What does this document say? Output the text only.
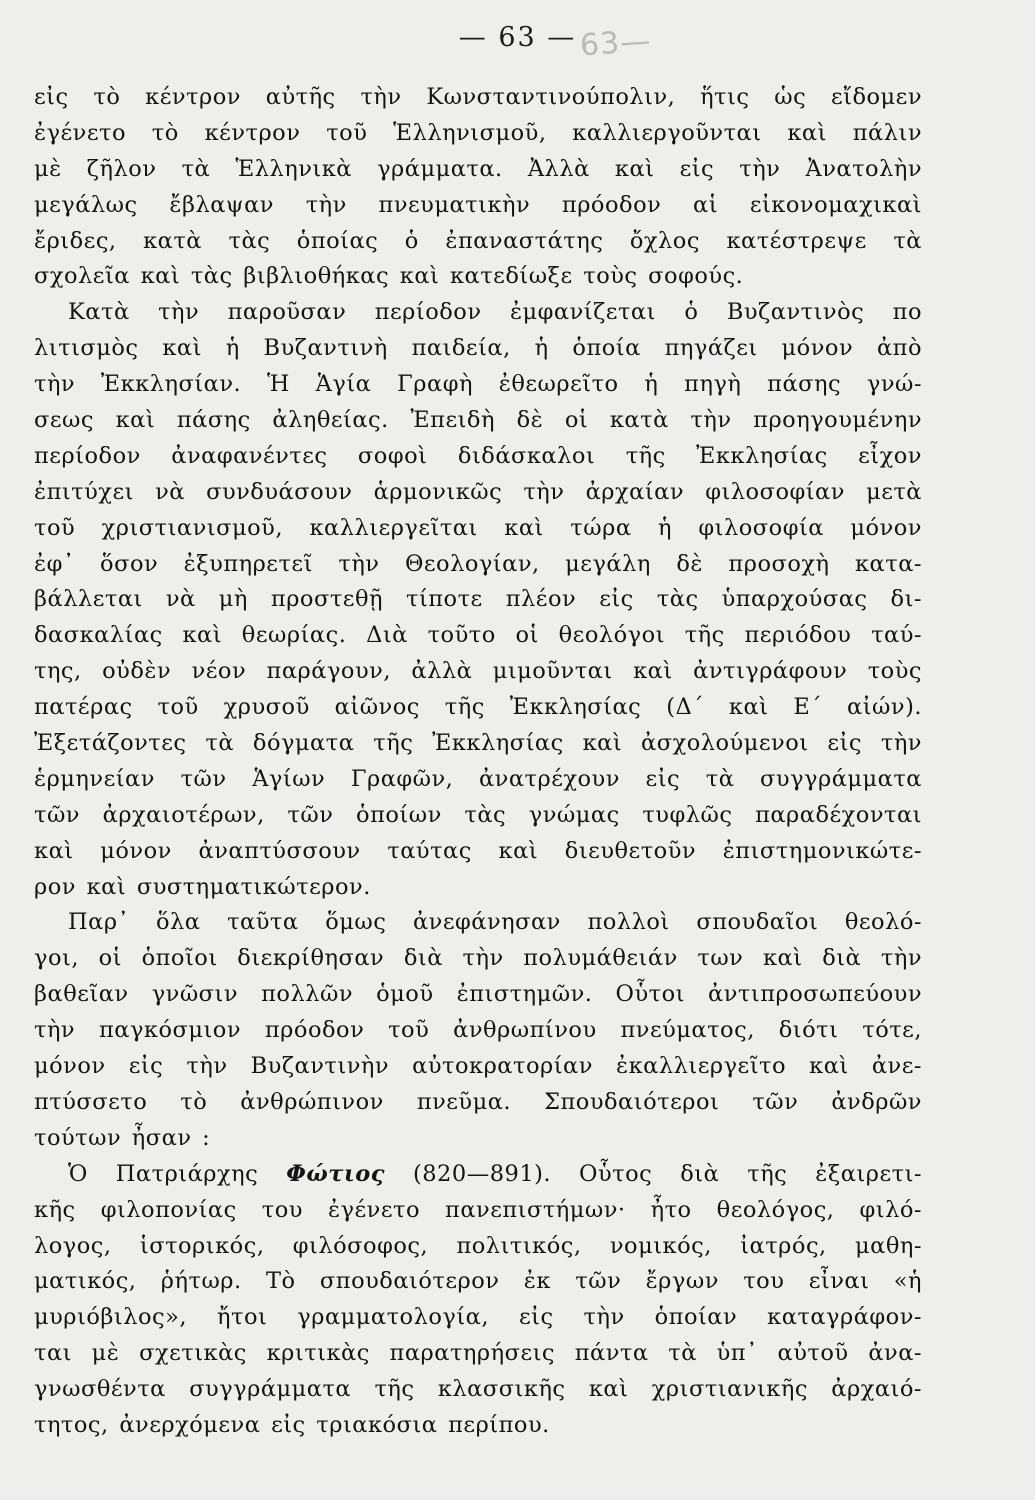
— 63 — 63—
εἰς τὸ κέντρον αὐτῆς τὴν Κωνσταντινούπολιν, ἥτις ὡς εἴδομεν
ἐγένετο τὸ κέντρον τοῦ Ἑλληνισμοῦ, καλλιεργοῦνται καὶ πάλιν
μὲ ζῆλον τὰ Ἑλληνικὰ γράμματα. Ἀλλὰ καὶ εἰς τὴν Ἀνατολὴν
μεγάλως ἔβλαψαν τὴν πνευματικὴν πρόοδον αἱ εἰκονομαχικαὶ
ἔριδες, κατὰ τὰς ὁποίας ὁ ἐπαναστάτης ὄχλος κατέστρεψε τὰ
σχολεῖα καὶ τὰς βιβλιοθήκας καὶ κατεδίωξε τοὺς σοφούς.
Κατὰ τὴν παροῦσαν περίοδον ἐμφανίζεται ὁ Βυζαντινὸς πο
λιτισμὸς καὶ ἡ Βυζαντινὴ παιδεία, ἡ ὁποία πηγάζει μόνον ἀπὸ
τὴν Ἐκκλησίαν. Ἡ Ἁγία Γραφὴ ἐθεωρεῖτο ἡ πηγὴ πάσης γνώ-
σεως καὶ πάσης ἀληθείας. Ἐπειδὴ δὲ οἱ κατὰ τὴν προηγουμένην
περίοδον ἀναφανέντες σοφοὶ διδάσκαλοι τῆς Ἐκκλησίας εἶχον
ἐπιτύχει νὰ συνδυάσουν ἁρμονικῶς τὴν ἀρχαίαν φιλοσοφίαν μετὰ
τοῦ χριστιανισμοῦ, καλλιεργεῖται καὶ τώρα ἡ φιλοσοφία μόνον
ἐφ᾿ ὅσον ἐξυπηρετεῖ τὴν Θεολογίαν, μεγάλη δὲ προσοχὴ κατα-
βάλλεται νὰ μὴ προστεθῇ τίποτε πλέον εἰς τὰς ὑπαρχούσας δι-
δασκαλίας καὶ θεωρίας. Διὰ τοῦτο οἱ θεολόγοι τῆς περιόδου ταύ-
της, οὐδὲν νέον παράγουν, ἀλλὰ μιμοῦνται καὶ ἀντιγράφουν τοὺς
πατέρας τοῦ χρυσοῦ αἰῶνος τῆς Ἐκκλησίας (Δ΄ καὶ Ε΄ αἰών).
Ἐξετάζοντες τὰ δόγματα τῆς Ἐκκλησίας καὶ ἀσχολούμενοι εἰς τὴν
ἑρμηνείαν τῶν Ἁγίων Γραφῶν, ἀνατρέχουν εἰς τὰ συγγράμματα
τῶν ἀρχαιοτέρων, τῶν ὁποίων τὰς γνώμας τυφλῶς παραδέχονται
καὶ μόνον ἀναπτύσσουν ταύτας καὶ διευθετοῦν ἐπιστημονικώτε-
ρον καὶ συστηματικώτερον.
Παρ᾿ ὅλα ταῦτα ὅμως ἀνεφάνησαν πολλοὶ σπουδαῖοι θεολό-
γοι, οἱ ὁποῖοι διεκρίθησαν διὰ τὴν πολυμάθειάν των καὶ διὰ τὴν
βαθεῖαν γνῶσιν πολλῶν ὁμοῦ ἐπιστημῶν. Οὗτοι ἀντιπροσωπεύουν
τὴν παγκόσμιον πρόοδον τοῦ ἀνθρωπίνου πνεύματος, διότι τότε,
μόνον εἰς τὴν Βυζαντινὴν αὐτοκρατορίαν ἐκαλλιεργεῖτο καὶ ἀνε-
πτύσσετο τὸ ἀνθρώπινον πνεῦμα. Σπουδαιότεροι τῶν ἀνδρῶν
τούτων ἦσαν :
Ὁ Πατριάρχης Φώτιος (820—891). Οὗτος διὰ τῆς ἐξαιρετι-
κῆς φιλοπονίας του ἐγένετο πανεπιστήμων· ἦτο θεολόγος, φιλό-
λογος, ἱστορικός, φιλόσοφος, πολιτικός, νομικός, ἰατρός, μαθη-
ματικός, ῥήτωρ. Τὸ σπουδαιότερον ἐκ τῶν ἔργων του εἶναι «ἡ
μυριόβιλος», ἤτοι γραμματολογία, εἰς τὴν ὁποίαν καταγράφον-
ται μὲ σχετικὰς κριτικὰς παρατηρήσεις πάντα τὰ ὑπ᾿ αὐτοῦ ἀνα-
γνωσθέντα συγγράμματα τῆς κλασσικῆς καὶ χριστιανικῆς ἀρχαιό-
τητος, ἀνερχόμενα εἰς τριακόσια περίπου.
